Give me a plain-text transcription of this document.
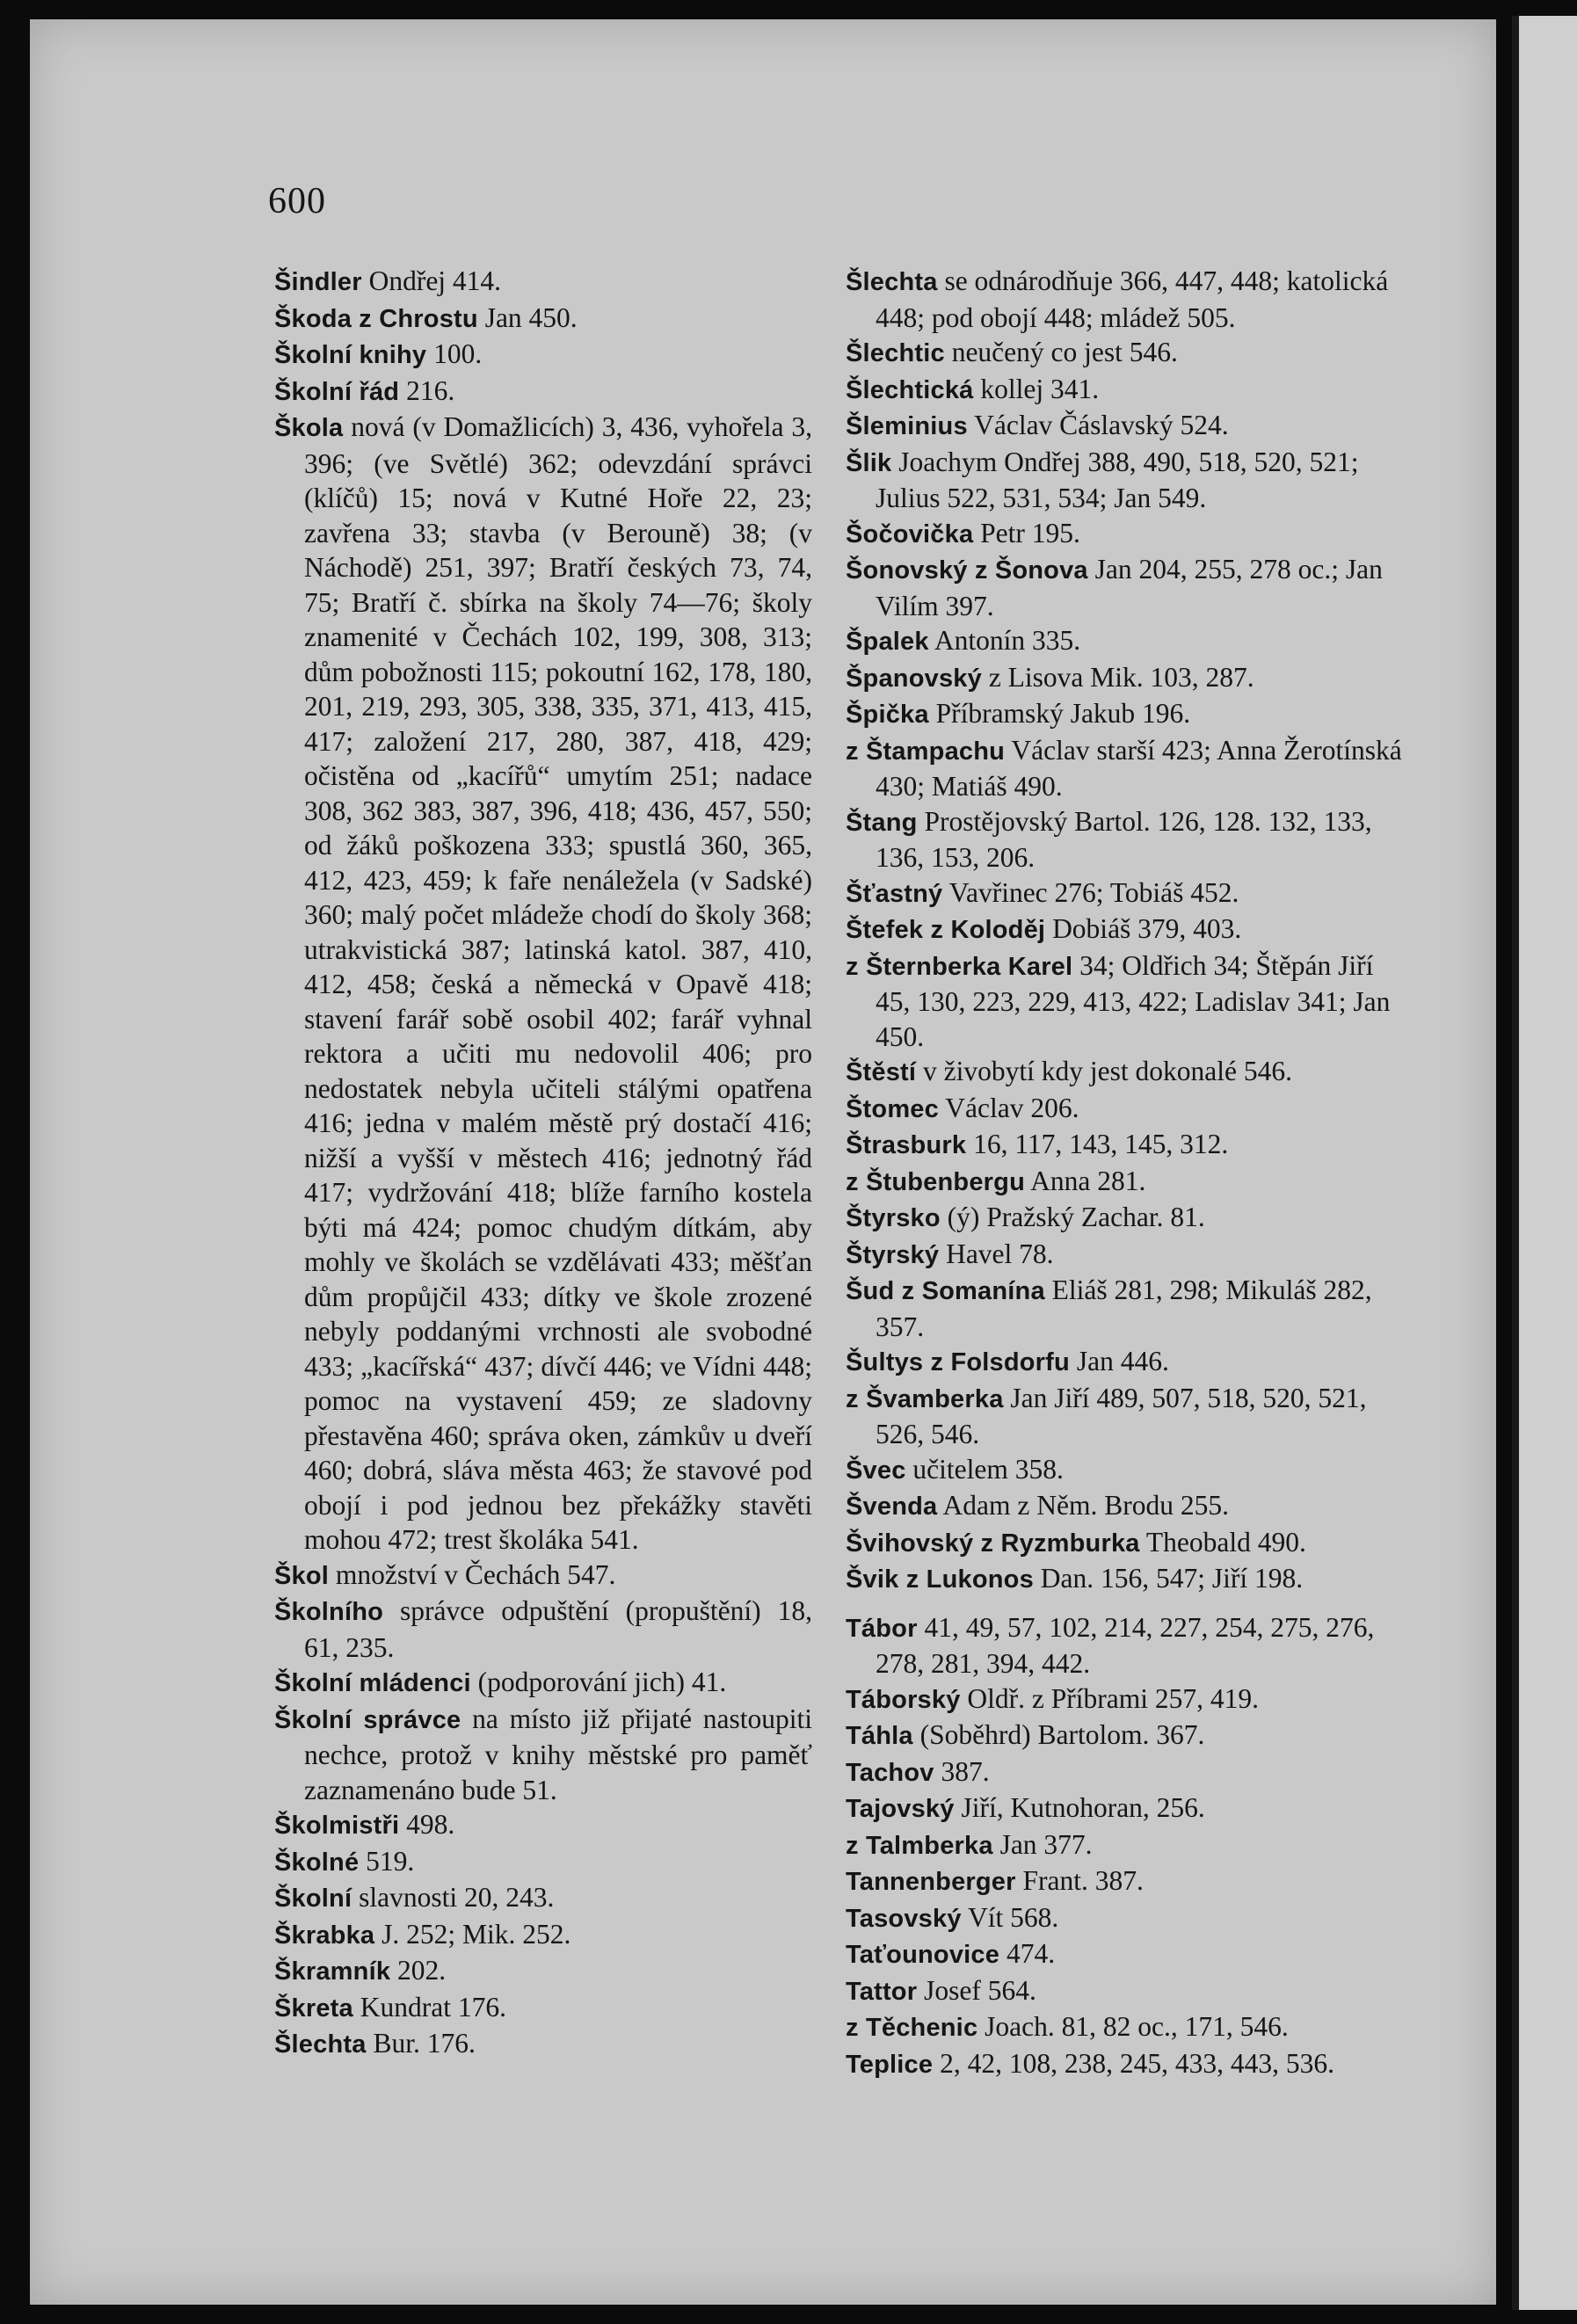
600

Šindler Ondřej 414.

Škoda z Chrostu Jan 450.

Školní knihy 100.

Školní řád 216.

Škola nová (v Domažlicích) 3, 436, vyhořela 3, 396; (ve Světlé) 362; odevzdání správci (klíčů) 15; nová v Kutné Hoře 22, 23; zavřena 33; stavba (v Berouně) 38; (v Náchodě) 251, 397; Bratří českých 73, 74, 75; Bratří č. sbírka na školy 74—76; školy znamenité v Čechách 102, 199, 308, 313; dům pobožnosti 115; pokoutní 162, 178, 180, 201, 219, 293, 305, 338, 335, 371, 413, 415, 417; založení 217, 280, 387, 418, 429; očistěna od „kacířů“ umytím 251; nadace 308, 362 383, 387, 396, 418; 436, 457, 550; od žáků poškozena 333; spustlá 360, 365, 412, 423, 459; k faře nenáležela (v Sadské) 360; malý počet mládeže chodí do školy 368; utrakvistická 387; latinská katol. 387, 410, 412, 458; česká a německá v Opavě 418; stavení farář sobě osobil 402; farář vyhnal rektora a učiti mu nedovolil 406; pro nedostatek nebyla učiteli stálými opatřena 416; jedna v malém městě prý dostačí 416; nižší a vyšší v městech 416; jednotný řád 417; vydržování 418; blíže farního kostela býti má 424; pomoc chudým dítkám, aby mohly ve školách se vzdělávati 433; měšťan dům propůjčil 433; dítky ve škole zrozené nebyly poddanými vrchnosti ale svobodné 433; „kacířská“ 437; dívčí 446; ve Vídni 448; pomoc na vystavení 459; ze sladovny přestavěna 460; správa oken, zámkův u dveří 460; dobrá, sláva města 463; že stavové pod obojí i pod jednou bez překážky stavěti mohou 472; trest školáka 541.

Škol množství v Čechách 547.

Školního správce odpuštění (propuštění) 18, 61, 235.

Školní mládenci (podporování jich) 41.

Školní správce na místo již přijaté nastoupiti nechce, protož v knihy městské pro paměť zaznamenáno bude 51.

Školmistři 498.

Školné 519.

Školní slavnosti 20, 243.

Škrabka J. 252; Mik. 252.

Škramník 202.

Škreta Kundrat 176.

Šlechta Bur. 176.

Šlechta se odnárodňuje 366, 447, 448; katolická 448; pod obojí 448; mládež 505.

Šlechtic neučený co jest 546.

Šlechtická kollej 341.

Šleminius Václav Čáslavský 524.

Šlik Joachym Ondřej 388, 490, 518, 520, 521; Julius 522, 531, 534; Jan 549.

Šočovička Petr 195.

Šonovský z Šonova Jan 204, 255, 278 oc.; Jan Vilím 397.

Špalek Antonín 335.

Španovský z Lisova Mik. 103, 287.

Špička Příbramský Jakub 196.

z Štampachu Václav starší 423; Anna Žerotínská 430; Matiáš 490.

Štang Prostějovský Bartol. 126, 128. 132, 133, 136, 153, 206.

Šťastný Vavřinec 276; Tobiáš 452.

Štefek z Koloděj Dobiáš 379, 403.

z Šternberka Karel 34; Oldřich 34; Štěpán Jiří 45, 130, 223, 229, 413, 422; Ladislav 341; Jan 450.

Štěstí v živobytí kdy jest dokonalé 546.

Štomec Václav 206.

Štrasburk 16, 117, 143, 145, 312.

z Štubenbergu Anna 281.

Štyrsko (ý) Pražský Zachar. 81.

Štyrský Havel 78.

Šud z Somanína Eliáš 281, 298; Mikuláš 282, 357.

Šultys z Folsdorfu Jan 446.

z Švamberka Jan Jiří 489, 507, 518, 520, 521, 526, 546.

Švec učitelem 358.

Švenda Adam z Něm. Brodu 255.

Švihovský z Ryzmburka Theobald 490.

Švik z Lukonos Dan. 156, 547; Jiří 198.

Tábor 41, 49, 57, 102, 214, 227, 254, 275, 276, 278, 281, 394, 442.

Táborský Oldř. z Příbrami 257, 419.

Táhla (Soběhrd) Bartolom. 367.

Tachov 387.

Tajovský Jiří, Kutnohoran, 256.

z Talmberka Jan 377.

Tannenberger Frant. 387.

Tasovský Vít 568.

Taťounovice 474.

Tattor Josef 564.

z Těchenic Joach. 81, 82 oc., 171, 546.

Teplice 2, 42, 108, 238, 245, 433, 443, 536.
